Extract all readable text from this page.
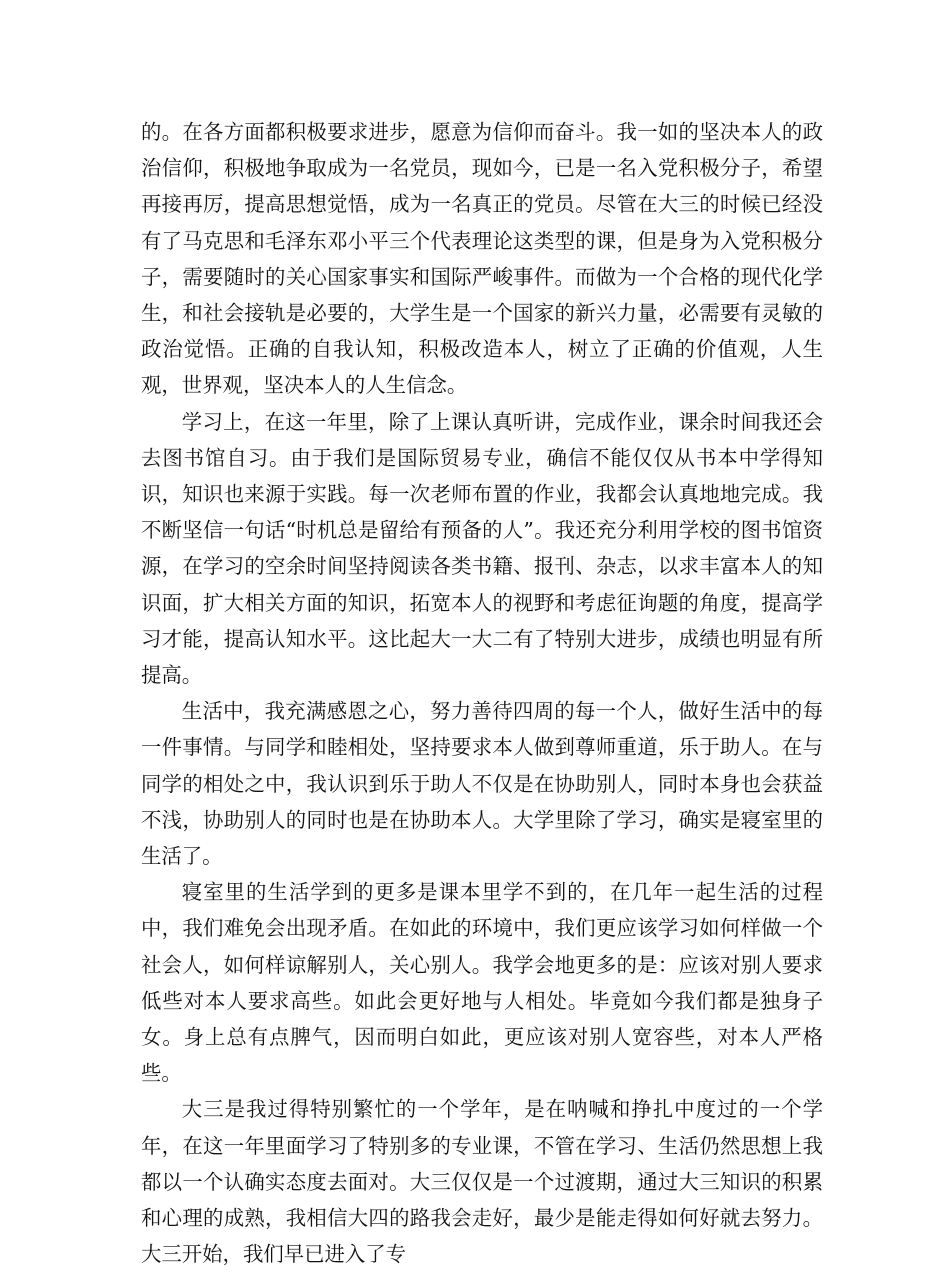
的。在各方面都积极要求进步，愿意为信仰而奋斗。我一如的坚决本人的政治信仰，积极地争取成为一名党员，现如今，已是一名入党积极分子，希望再接再厉，提高思想觉悟，成为一名真正的党员。尽管在大三的时候已经没有了马克思和毛泽东邓小平三个代表理论这类型的课，但是身为入党积极分子，需要随时的关心国家事实和国际严峻事件。而做为一个合格的现代化学生，和社会接轨是必要的，大学生是一个国家的新兴力量，必需要有灵敏的政治觉悟。正确的自我认知，积极改造本人，树立了正确的价值观，人生观，世界观，坚决本人的人生信念。

学习上，在这一年里，除了上课认真听讲，完成作业，课余时间我还会去图书馆自习。由于我们是国际贸易专业，确信不能仅仅从书本中学得知识，知识也来源于实践。每一次老师布置的作业，我都会认真地地完成。我不断坚信一句话“时机总是留给有预备的人”。我还充分利用学校的图书馆资源，在学习的空余时间坚持阅读各类书籍、报刊、杂志，以求丰富本人的知识面，扩大相关方面的知识，拓宽本人的视野和考虑征询题的角度，提高学习才能，提高认知水平。这比起大一大二有了特别大进步，成绩也明显有所提高。

生活中，我充满感恩之心，努力善待四周的每一个人，做好生活中的每一件事情。与同学和睦相处，坚持要求本人做到尊师重道，乐于助人。在与同学的相处之中，我认识到乐于助人不仅是在协助别人，同时本身也会获益不浅，协助别人的同时也是在协助本人。大学里除了学习，确实是寝室里的生活了。

寝室里的生活学到的更多是课本里学不到的，在几年一起生活的过程中，我们难免会出现矛盾。在如此的环境中，我们更应该学习如何样做一个社会人，如何样谅解别人，关心别人。我学会地更多的是：应该对别人要求低些对本人要求高些。如此会更好地与人相处。毕竟如今我们都是独身子女。身上总有点脾气，因而明白如此，更应该对别人宽容些，对本人严格些。

大三是我过得特别繁忙的一个学年，是在呐喊和挣扎中度过的一个学年，在这一年里面学习了特别多的专业课，不管在学习、生活仍然思想上我都以一个认确实态度去面对。大三仅仅是一个过渡期，通过大三知识的积累和心理的成熟，我相信大四的路我会走好，最少是能走得如何好就去努力。大三开始，我们早已进入了专
